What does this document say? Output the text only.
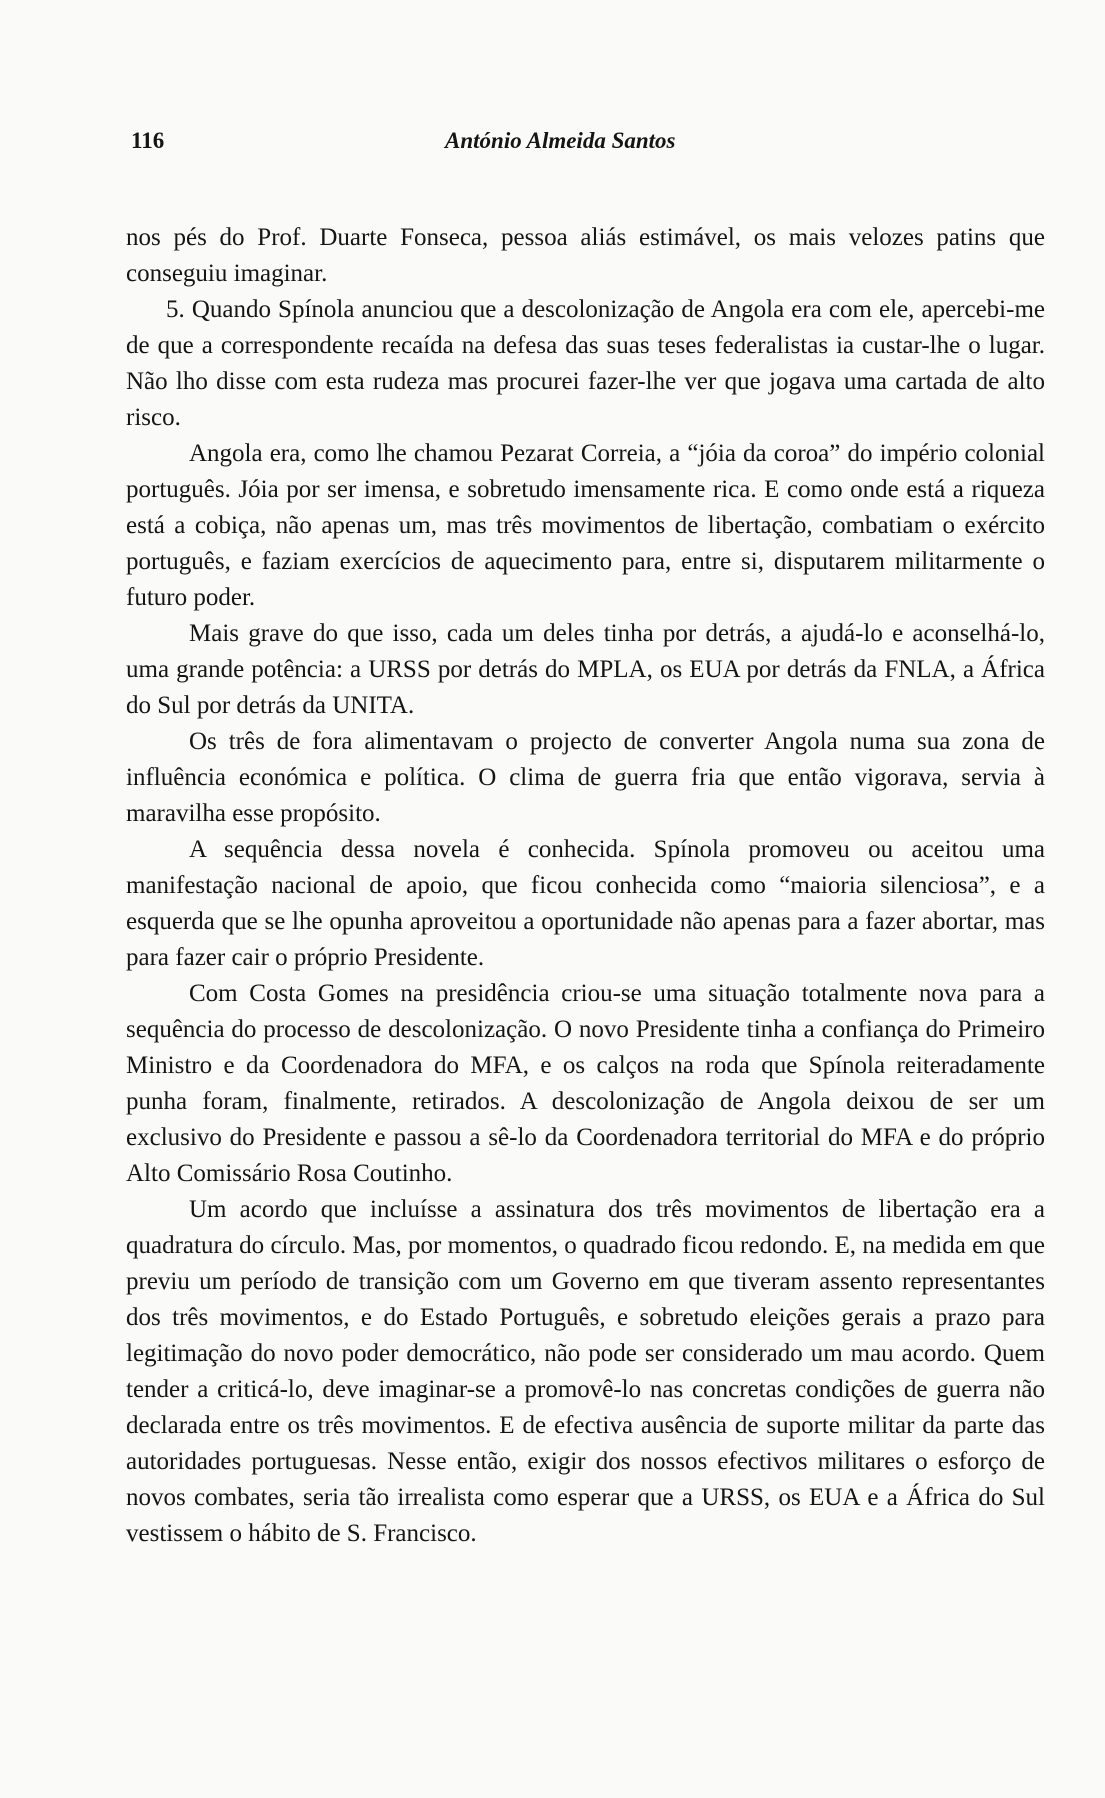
116	António Almeida Santos

nos pés do Prof. Duarte Fonseca, pessoa aliás estimável, os mais velozes patins que conseguiu imaginar.

5. Quando Spínola anunciou que a descolonização de Angola era com ele, apercebi-me de que a correspondente recaída na defesa das suas teses federalistas ia custar-lhe o lugar. Não lho disse com esta rudeza mas procurei fazer-lhe ver que jogava uma cartada de alto risco.

Angola era, como lhe chamou Pezarat Correia, a “jóia da coroa” do império colonial português. Jóia por ser imensa, e sobretudo imensamente rica. E como onde está a riqueza está a cobiça, não apenas um, mas três movimentos de libertação, combatiam o exército português, e faziam exercícios de aquecimento para, entre si, disputarem militarmente o futuro poder.

Mais grave do que isso, cada um deles tinha por detrás, a ajudá-lo e aconselhá-lo, uma grande potência: a URSS por detrás do MPLA, os EUA por detrás da FNLA, a África do Sul por detrás da UNITA.

Os três de fora alimentavam o projecto de converter Angola numa sua zona de influência económica e política. O clima de guerra fria que então vigorava, servia à maravilha esse propósito.

A sequência dessa novela é conhecida. Spínola promoveu ou aceitou uma manifestação nacional de apoio, que ficou conhecida como “maioria silenciosa”, e a esquerda que se lhe opunha aproveitou a oportunidade não apenas para a fazer abortar, mas para fazer cair o próprio Presidente.

Com Costa Gomes na presidência criou-se uma situação totalmente nova para a sequência do processo de descolonização. O novo Presidente tinha a confiança do Primeiro Ministro e da Coordenadora do MFA, e os calços na roda que Spínola reiteradamente punha foram, finalmente, retirados. A descolonização de Angola deixou de ser um exclusivo do Presidente e passou a sê-lo da Coordenadora territorial do MFA e do próprio Alto Comissário Rosa Coutinho.

Um acordo que incluísse a assinatura dos três movimentos de libertação era a quadratura do círculo. Mas, por momentos, o quadrado ficou redondo. E, na medida em que previu um período de transição com um Governo em que tiveram assento representantes dos três movimentos, e do Estado Português, e sobretudo eleições gerais a prazo para legitimação do novo poder democrático, não pode ser considerado um mau acordo. Quem tender a criticá-lo, deve imaginar-se a promovê-lo nas concretas condições de guerra não declarada entre os três movimentos. E de efectiva ausência de suporte militar da parte das autoridades portuguesas. Nesse então, exigir dos nossos efectivos militares o esforço de novos combates, seria tão irrealista como esperar que a URSS, os EUA e a África do Sul vestissem o hábito de S. Francisco.
